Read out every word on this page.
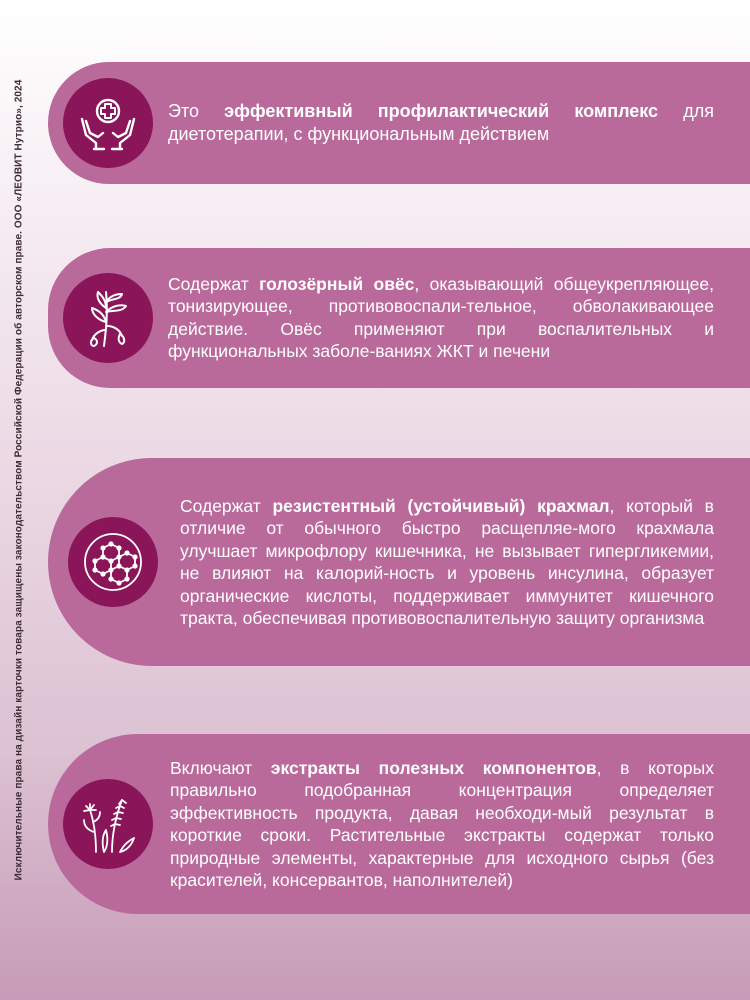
Исключительные права на дизайн карточки товара защищены законодательством Российской Федерации об авторском праве. ООО «ЛЕОВИТ Нутрио», 2024	Это эффективный профилактический комплекс для диетотерапии, с функциональным действием
Содержат голозёрный овёс, оказывающий общеукрепляющее, тонизирующее, противовоспали-тельное, обволакивающее действие. Овёс применяют при воспалительных и функциональных заболе-ваниях ЖКТ и печени
Содержат резистентный (устойчивый) крахмал, который в отличие от обычного быстро расщепляе-мого крахмала улучшает микрофлору кишечника, не вызывает гипергликемии, не влияют на калорий-ность и уровень инсулина, образует органические кислоты, поддерживает иммунитет кишечного тракта, обеспечивая противовоспалительную защиту организма
Включают экстракты полезных компонентов, в которых правильно подобранная концентрация определяет эффективность продукта, давая необходи-мый результат в короткие сроки. Растительные экстракты содержат только природные элементы, характерные для исходного сырья (без красителей, консервантов, наполнителей)
